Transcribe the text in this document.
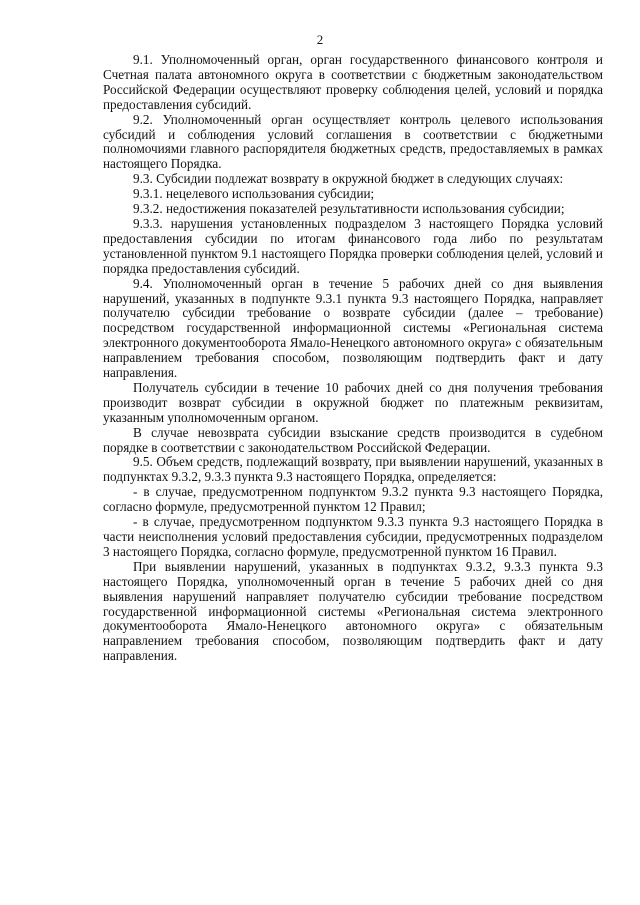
2

9.1. Уполномоченный орган, орган государственного финансового контроля и Счетная палата автономного округа в соответствии с бюджетным законодательством Российской Федерации осуществляют проверку соблюдения целей, условий и порядка предоставления субсидий.

9.2. Уполномоченный орган осуществляет контроль целевого использования субсидий и соблюдения условий соглашения в соответствии с бюджетными полномочиями главного распорядителя бюджетных средств, предоставляемых в рамках настоящего Порядка.

9.3. Субсидии подлежат возврату в окружной бюджет в следующих случаях:

9.3.1. нецелевого использования субсидии;

9.3.2. недостижения показателей результативности использования субсидии;

9.3.3. нарушения установленных подразделом 3 настоящего Порядка условий предоставления субсидии по итогам финансового года либо по результатам установленной пунктом 9.1 настоящего Порядка проверки соблюдения целей, условий и порядка предоставления субсидий.

9.4. Уполномоченный орган в течение 5 рабочих дней со дня выявления нарушений, указанных в подпункте 9.3.1 пункта 9.3 настоящего Порядка, направляет получателю субсидии требование о возврате субсидии (далее – требование) посредством государственной информационной системы «Региональная система электронного документооборота Ямало-Ненецкого автономного округа» с обязательным направлением требования способом, позволяющим подтвердить факт и дату направления.

Получатель субсидии в течение 10 рабочих дней со дня получения требования производит возврат субсидии в окружной бюджет по платежным реквизитам, указанным уполномоченным органом.

В случае невозврата субсидии взыскание средств производится в судебном порядке в соответствии с законодательством Российской Федерации.

9.5. Объем средств, подлежащий возврату, при выявлении нарушений, указанных в подпунктах 9.3.2, 9.3.3 пункта 9.3 настоящего Порядка, определяется:

- в случае, предусмотренном подпунктом 9.3.2 пункта 9.3 настоящего Порядка, согласно формуле, предусмотренной пунктом 12 Правил;

- в случае, предусмотренном подпунктом 9.3.3 пункта 9.3 настоящего Порядка в части неисполнения условий предоставления субсидии, предусмотренных подразделом 3 настоящего Порядка, согласно формуле, предусмотренной пунктом 16 Правил.

При выявлении нарушений, указанных в подпунктах 9.3.2, 9.3.3 пункта 9.3 настоящего Порядка, уполномоченный орган в течение 5 рабочих дней со дня выявления нарушений направляет получателю субсидии требование посредством государственной информационной системы «Региональная система электронного документооборота Ямало-Ненецкого автономного округа» с обязательным направлением требования способом, позволяющим подтвердить факт и дату направления.
